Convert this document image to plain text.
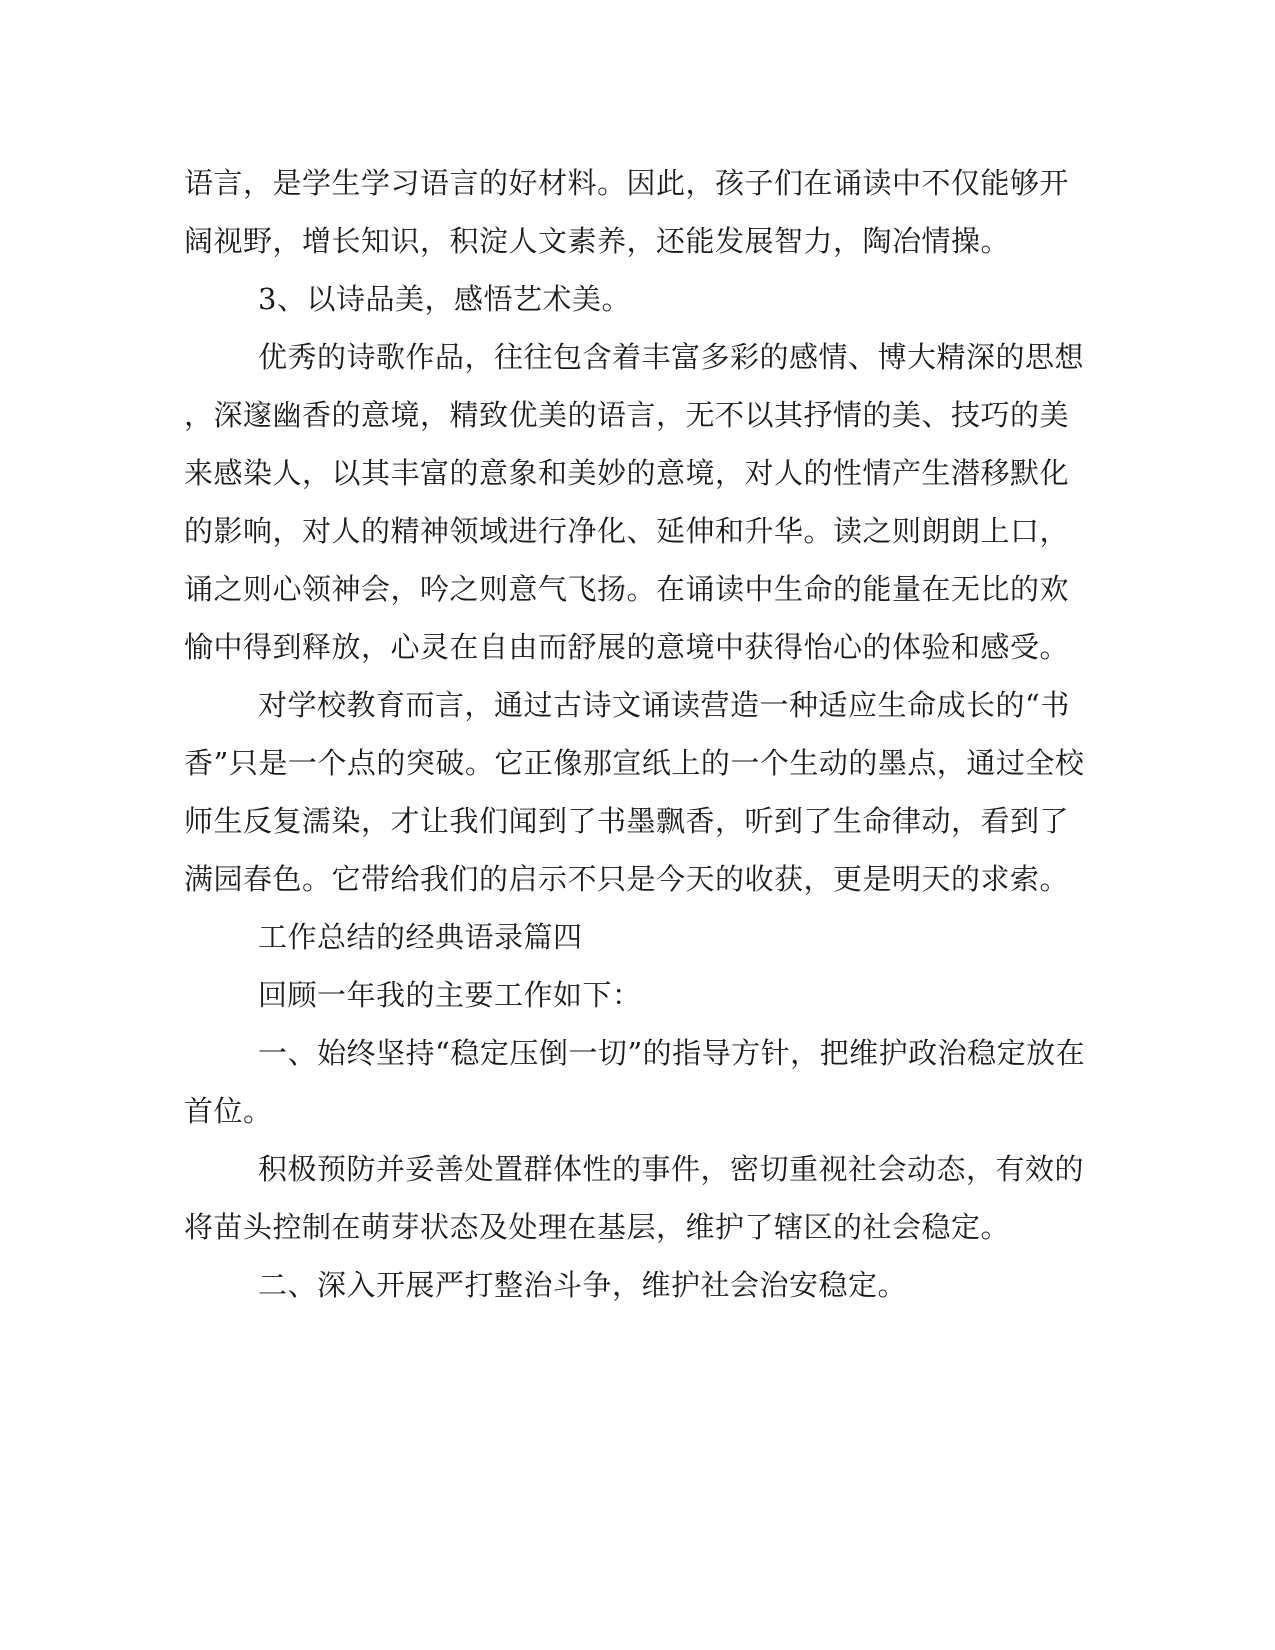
语言，是学生学习语言的好材料。因此，孩子们在诵读中不仅能够开

阔视野，增长知识，积淀人文素养，还能发展智力，陶冶情操。

3、以诗品美，感悟艺术美。

优秀的诗歌作品，往往包含着丰富多彩的感情、博大精深的思想

，深邃幽香的意境，精致优美的语言，无不以其抒情的美、技巧的美

来感染人，以其丰富的意象和美妙的意境，对人的性情产生潜移默化

的影响，对人的精神领域进行净化、延伸和升华。读之则朗朗上口，

诵之则心领神会，吟之则意气飞扬。在诵读中生命的能量在无比的欢

愉中得到释放，心灵在自由而舒展的意境中获得怡心的体验和感受。

对学校教育而言，通过古诗文诵读营造一种适应生命成长的“书

香”只是一个点的突破。它正像那宣纸上的一个生动的墨点，通过全校

师生反复濡染，才让我们闻到了书墨飘香，听到了生命律动，看到了

满园春色。它带给我们的启示不只是今天的收获，更是明天的求索。

工作总结的经典语录篇四

回顾一年我的主要工作如下：

一、始终坚持“稳定压倒一切”的指导方针，把维护政治稳定放在

首位。

积极预防并妥善处置群体性的事件，密切重视社会动态，有效的

将苗头控制在萌芽状态及处理在基层，维护了辖区的社会稳定。

二、深入开展严打整治斗争，维护社会治安稳定。
